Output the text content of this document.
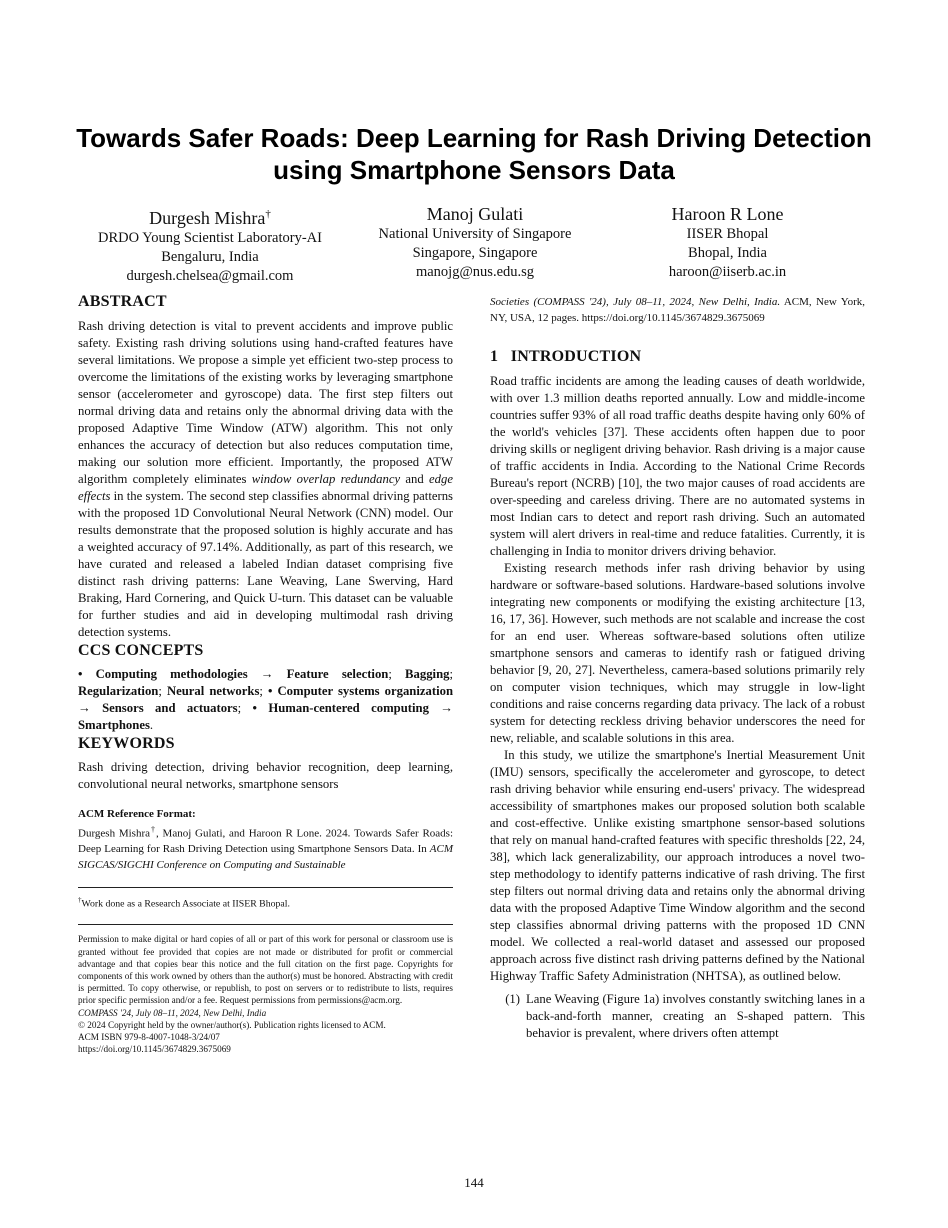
Towards Safer Roads: Deep Learning for Rash Driving Detection using Smartphone Sensors Data
Durgesh Mishra†
DRDO Young Scientist Laboratory-AI
Bengaluru, India
durgesh.chelsea@gmail.com
Manoj Gulati
National University of Singapore
Singapore, Singapore
manojg@nus.edu.sg
Haroon R Lone
IISER Bhopal
Bhopal, India
haroon@iiserb.ac.in
ABSTRACT

Rash driving detection is vital to prevent accidents and improve public safety. Existing rash driving solutions using hand-crafted features have several limitations. We propose a simple yet efficient two-step process to overcome the limitations of the existing works by leveraging smartphone sensor (accelerometer and gyroscope) data. The first step filters out normal driving data and retains only the abnormal driving data with the proposed Adaptive Time Window (ATW) algorithm. This not only enhances the accuracy of detection but also reduces computation time, making our solution more efficient. Importantly, the proposed ATW algorithm completely eliminates window overlap redundancy and edge effects in the system. The second step classifies abnormal driving patterns with the proposed 1D Convolutional Neural Network (CNN) model. Our results demonstrate that the proposed solution is highly accurate and has a weighted accuracy of 97.14%. Additionally, as part of this research, we have curated and released a labeled Indian dataset comprising five distinct rash driving patterns: Lane Weaving, Lane Swerving, Hard Braking, Hard Cornering, and Quick U-turn. This dataset can be valuable for further studies and aid in developing multimodal rash driving detection systems.

CCS CONCEPTS

• Computing methodologies → Feature selection; Bagging; Regularization; Neural networks; • Computer systems organization → Sensors and actuators; • Human-centered computing → Smartphones.

KEYWORDS

Rash driving detection, driving behavior recognition, deep learning, convolutional neural networks, smartphone sensors

ACM Reference Format:

Durgesh Mishra†, Manoj Gulati, and Haroon R Lone. 2024. Towards Safer Roads: Deep Learning for Rash Driving Detection using Smartphone Sensors Data. In ACM SIGCAS/SIGCHI Conference on Computing and Sustainable

†Work done as a Research Associate at IISER Bhopal.

Permission to make digital or hard copies of all or part of this work for personal or classroom use is granted without fee provided that copies are not made or distributed for profit or commercial advantage and that copies bear this notice and the full citation on the first page. Copyrights for components of this work owned by others than the author(s) must be honored. Abstracting with credit is permitted. To copy otherwise, or republish, to post on servers or to redistribute to lists, requires prior specific permission and/or a fee. Request permissions from permissions@acm.org.

COMPASS '24, July 08–11, 2024, New Delhi, India
© 2024 Copyright held by the owner/author(s). Publication rights licensed to ACM.
ACM ISBN 979-8-4007-1048-3/24/07
https://doi.org/10.1145/3674829.3675069

Societies (COMPASS '24), July 08–11, 2024, New Delhi, India. ACM, New York, NY, USA, 12 pages. https://doi.org/10.1145/3674829.3675069

1   INTRODUCTION

Road traffic incidents are among the leading causes of death worldwide, with over 1.3 million deaths reported annually. Low and middle-income countries suffer 93% of all road traffic deaths despite having only 60% of the world's vehicles [37]. These accidents often happen due to poor driving skills or negligent driving behavior. Rash driving is a major cause of traffic accidents in India. According to the National Crime Records Bureau's report (NCRB) [10], the two major causes of road accidents are over-speeding and careless driving. There are no automated systems in most Indian cars to detect and report rash driving. Such an automated system will alert drivers in real-time and reduce fatalities. Currently, it is challenging in India to monitor drivers driving behavior.

Existing research methods infer rash driving behavior by using hardware or software-based solutions. Hardware-based solutions involve integrating new components or modifying the existing architecture [13, 16, 17, 36]. However, such methods are not scalable and increase the cost for an end user. Whereas software-based solutions often utilize smartphone sensors and cameras to identify rash or fatigued driving behavior [9, 20, 27]. Nevertheless, camera-based solutions primarily rely on computer vision techniques, which may struggle in low-light conditions and raise concerns regarding data privacy. The lack of a robust system for detecting reckless driving behavior underscores the need for new, reliable, and scalable solutions in this area.

In this study, we utilize the smartphone's Inertial Measurement Unit (IMU) sensors, specifically the accelerometer and gyroscope, to detect rash driving behavior while ensuring end-users' privacy. The widespread accessibility of smartphones makes our proposed solution both scalable and cost-effective. Unlike existing smartphone sensor-based solutions that rely on manual hand-crafted features with specific thresholds [22, 24, 38], which lack generalizability, our approach introduces a novel two-step methodology to identify patterns indicative of rash driving. The first step filters out normal driving data and retains only the abnormal driving data with the proposed Adaptive Time Window algorithm and the second step classifies abnormal driving patterns with the proposed 1D CNN model. We collected a real-world dataset and assessed our proposed approach across five distinct rash driving patterns defined by the National Highway Traffic Safety Administration (NHTSA), as outlined below.

(1) Lane Weaving (Figure 1a) involves constantly switching lanes in a back-and-forth manner, creating an S-shaped pattern. This behavior is prevalent, where drivers often attempt
144
